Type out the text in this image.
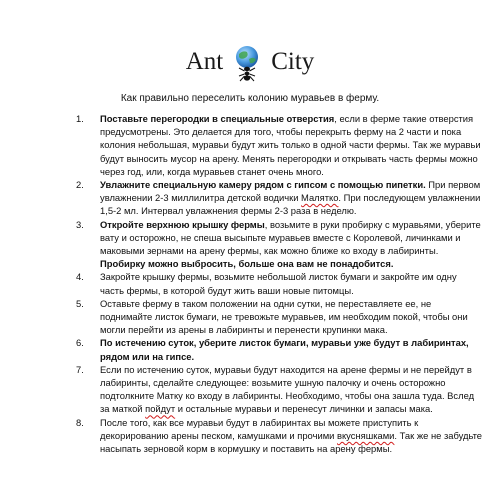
Ant City
Как правильно переселить колонию муравьев в ферму.
1.	Поставьте перегородки в специальные отверстия, если в ферме такие отверстия предусмотрены. Это делается для того, чтобы перекрыть ферму на 2 части и пока колония небольшая, муравьи будут жить только в одной части фермы. Так же муравьи будут выносить мусор на арену. Менять перегородки и открывать часть фермы можно через год, или, когда муравьев станет очень много.
2.	Увлажните специальную камеру рядом с гипсом с помощью пипетки. При первом увлажнении 2-3 миллилитра детской водички Малятко. При последующем увлажнении 1,5-2 мл. Интервал увлажнения фермы 2-3 раза в неделю.
3.	Откройте верхнюю крышку фермы, возьмите в руки пробирку с муравьями, уберите вату и осторожно, не спеша высыпьте муравьев вместе с Королевой, личинками и маковыми зернами на арену фермы, как можно ближе ко входу в лабиринты. Пробирку можно выбросить, больше она вам не понадобится.
4.	Закройте крышку фермы, возьмите небольшой листок бумаги и закройте им одну часть фермы, в которой будут жить ваши новые питомцы.
5.	Оставьте ферму в таком положении на одни сутки, не переставляете ее, не поднимайте листок бумаги, не тревожьте муравьев, им необходим покой, чтобы они могли перейти из арены в лабиринты и перенести крупинки мака.
6.	По истечению суток, уберите листок бумаги, муравьи уже будут в лабиринтах, рядом или на гипсе.
7.	Если по истечению суток, муравьи будут находится на арене фермы и не перейдут в лабиринты, сделайте следующее: возьмите ушную палочку и очень осторожно подтолкните Матку ко входу в лабиринты. Необходимо, чтобы она зашла туда. Вслед за маткой пойдут и остальные муравьи и перенесут личинки и запасы мака.
8.	После того, как все муравьи будут в лабиринтах вы можете приступить к декорированию арены песком, камушками и прочими вкусняшками. Так же не забудьте насыпать зерновой корм в кормушку и поставить на арену фермы.
